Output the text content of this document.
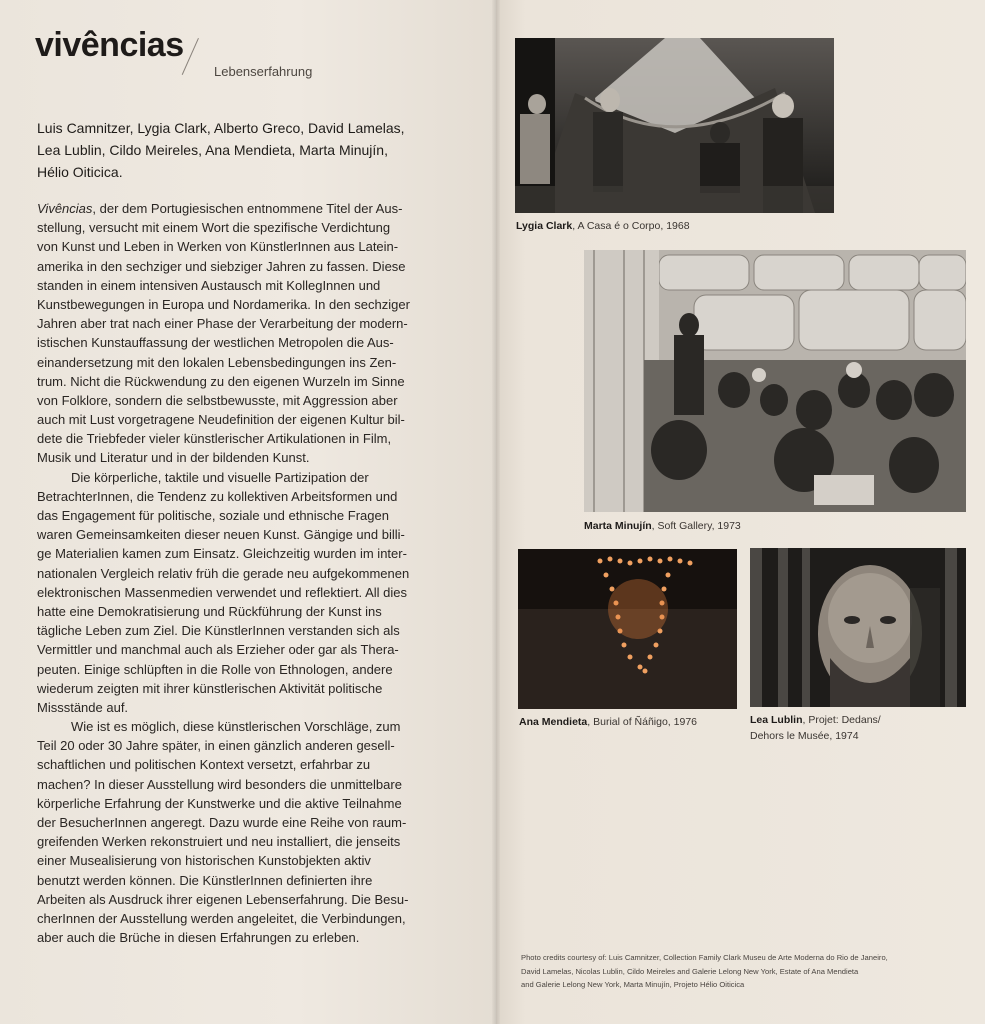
vivências
Lebenserfahrung
Luis Camnitzer, Lygia Clark, Alberto Greco, David Lamelas,
Lea Lublin, Cildo Meireles, Ana Mendieta, Marta Minujín,
Hélio Oiticica.
Vivências, der dem Portugiesischen entnommene Titel der Aus-
stellung, versucht mit einem Wort die spezifische Verdichtung
von Kunst und Leben in Werken von KünstlerInnen aus Latein-
amerika in den sechziger und siebziger Jahren zu fassen. Diese
standen in einem intensiven Austausch mit KollegInnen und
Kunstbewegungen in Europa und Nordamerika. In den sechziger
Jahren aber trat nach einer Phase der Verarbeitung der modern-
istischen Kunstauffassung der westlichen Metropolen die Aus-
einandersetzung mit den lokalen Lebensbedingungen ins Zen-
trum. Nicht die Rückwendung zu den eigenen Wurzeln im Sinne
von Folklore, sondern die selbstbewusste, mit Aggression aber
auch mit Lust vorgetragene Neudefinition der eigenen Kultur bil-
dete die Triebfeder vieler künstlerischer Artikulationen in Film,
Musik und Literatur und in der bildenden Kunst.
Die körperliche, taktile und visuelle Partizipation der
BetrachterInnen, die Tendenz zu kollektiven Arbeitsformen und
das Engagement für politische, soziale und ethnische Fragen
waren Gemeinsamkeiten dieser neuen Kunst. Gängige und billi-
ge Materialien kamen zum Einsatz. Gleichzeitig wurden im inter-
nationalen Vergleich relativ früh die gerade neu aufgekommenen
elektronischen Massenmedien verwendet und reflektiert. All dies
hatte eine Demokratisierung und Rückführung der Kunst ins
tägliche Leben zum Ziel. Die KünstlerInnen verstanden sich als
Vermittler und manchmal auch als Erzieher oder gar als Thera-
peuten. Einige schlüpften in die Rolle von Ethnologen, andere
wiederum zeigten mit ihrer künstlerischen Aktivität politische
Missstände auf.
Wie ist es möglich, diese künstlerischen Vorschläge, zum
Teil 20 oder 30 Jahre später, in einen gänzlich anderen gesell-
schaftlichen und politischen Kontext versetzt, erfahrbar zu
machen? In dieser Ausstellung wird besonders die unmittelbare
körperliche Erfahrung der Kunstwerke und die aktive Teilnahme
der BesucherInnen angeregt. Dazu wurde eine Reihe von raum-
greifenden Werken rekonstruiert und neu installiert, die jenseits
einer Musealisierung von historischen Kunstobjekten aktiv
benutzt werden können. Die KünstlerInnen definierten ihre
Arbeiten als Ausdruck ihrer eigenen Lebenserfahrung. Die Besu-
cherInnen der Ausstellung werden angeleitet, die Verbindungen,
aber auch die Brüche in diesen Erfahrungen zu erleben.
Lygia Clark, A Casa é o Corpo, 1968
Marta Minujín, Soft Gallery, 1973
Ana Mendieta, Burial of Ñáñigo, 1976	Lea Lublin, Projet: Dedans/
Dehors le Musée, 1974
Photo credits courtesy of: Luis Camnitzer, Collection Family Clark Museu de Arte Moderna do Rio de Janeiro,
David Lamelas, Nicolas Lublin, Cildo Meireles and Galerie Lelong New York, Estate of Ana Mendieta
and Galerie Lelong New York, Marta Minujín, Projeto Hélio Oiticica
